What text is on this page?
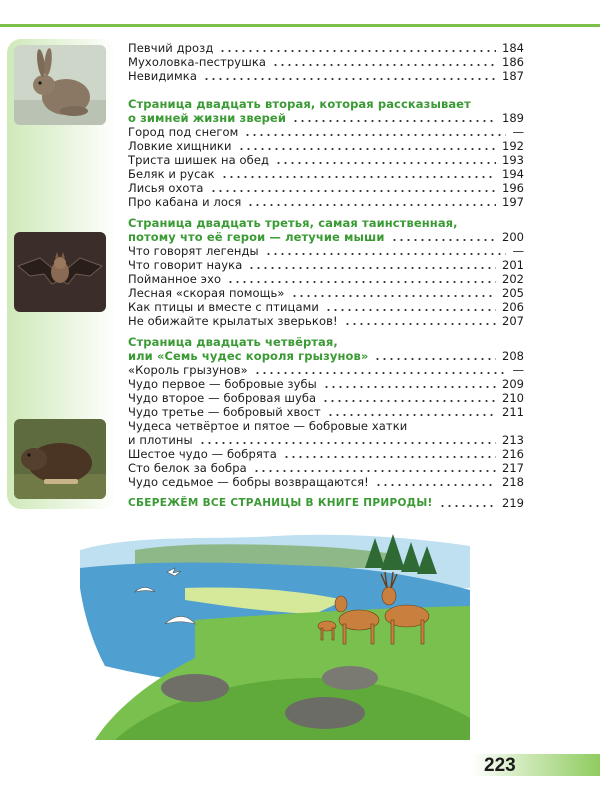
Певчий дрозд	184
Мухоловка-пеструшка	186
Невидимка	187
Страница двадцать вторая, которая рассказывает
о зимней жизни зверей	189
Город под снегом	—
Ловкие хищники	192
Триста шишек на обед	193
Беляк и русак	194
Лисья охота	196
Про кабана и лося	197
Страница двадцать третья, самая таинственная,
потому что её герои — летучие мыши	200
Что говорят легенды	—
Что говорит наука	201
Пойманное эхо	202
Лесная «скорая помощь»	205
Как птицы и вместе с птицами	206
Не обижайте крылатых зверьков!	207
Страница двадцать четвёртая,
или «Семь чудес короля грызунов»	208
«Король грызунов»	—
Чудо первое — бобровые зубы	209
Чудо второе — бобровая шуба	210
Чудо третье — бобровый хвост	211
Чудеса четвёртое и пятое — бобровые хатки
и плотины	213
Шестое чудо — бобрята	216
Сто белок за бобра	217
Чудо седьмое — бобры возвращаются!	218
СБЕРЕЖЁМ ВСЕ СТРАНИЦЫ В КНИГЕ ПРИРОДЫ!	219
223
